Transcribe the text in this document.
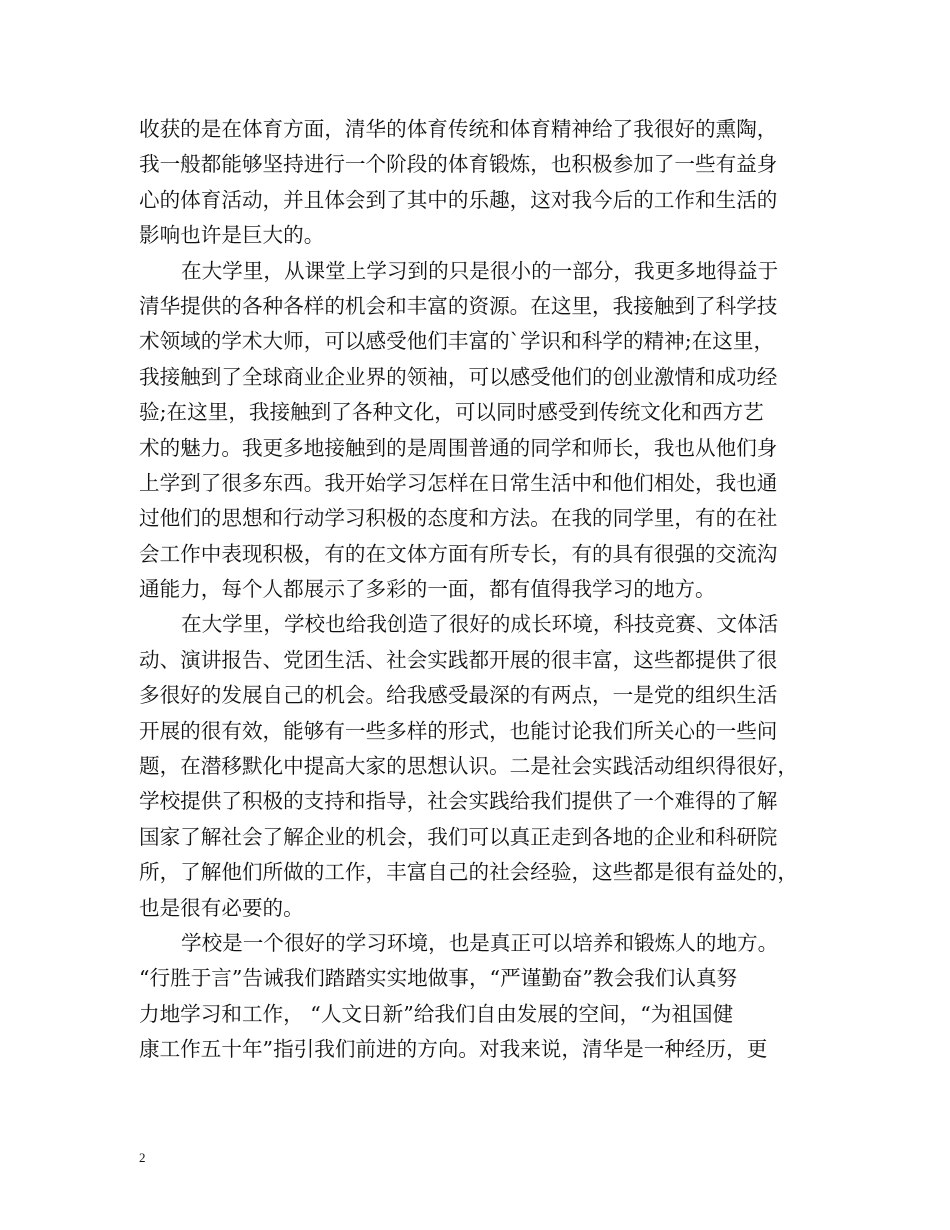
收获的是在体育方面，清华的体育传统和体育精神给了我很好的熏陶，
我一般都能够坚持进行一个阶段的体育锻炼，也积极参加了一些有益身
心的体育活动，并且体会到了其中的乐趣，这对我今后的工作和生活的
影响也许是巨大的。

在大学里，从课堂上学习到的只是很小的一部分，我更多地得益于
清华提供的各种各样的机会和丰富的资源。在这里，我接触到了科学技
术领域的学术大师，可以感受他们丰富的`学识和科学的精神;在这里，
我接触到了全球商业企业界的领袖，可以感受他们的创业激情和成功经
验;在这里，我接触到了各种文化，可以同时感受到传统文化和西方艺
术的魅力。我更多地接触到的是周围普通的同学和师长，我也从他们身
上学到了很多东西。我开始学习怎样在日常生活中和他们相处，我也通
过他们的思想和行动学习积极的态度和方法。在我的同学里，有的在社
会工作中表现积极，有的在文体方面有所专长，有的具有很强的交流沟
通能力，每个人都展示了多彩的一面，都有值得我学习的地方。

在大学里，学校也给我创造了很好的成长环境，科技竞赛、文体活
动、演讲报告、党团生活、社会实践都开展的很丰富，这些都提供了很
多很好的发展自己的机会。给我感受最深的有两点，一是党的组织生活
开展的很有效，能够有一些多样的形式，也能讨论我们所关心的一些问
题，在潜移默化中提高大家的思想认识。二是社会实践活动组织得很好，
学校提供了积极的支持和指导，社会实践给我们提供了一个难得的了解
国家了解社会了解企业的机会，我们可以真正走到各地的企业和科研院
所，了解他们所做的工作，丰富自己的社会经验，这些都是很有益处的，
也是很有必要的。

学校是一个很好的学习环境，也是真正可以培养和锻炼人的地方。
“行胜于言”告诫我们踏踏实实地做事，“严谨勤奋”教会我们认真努
力地学习和工作， “人文日新”给我们自由发展的空间，“为祖国健
康工作五十年”指引我们前进的方向。对我来说，清华是一种经历，更

2
